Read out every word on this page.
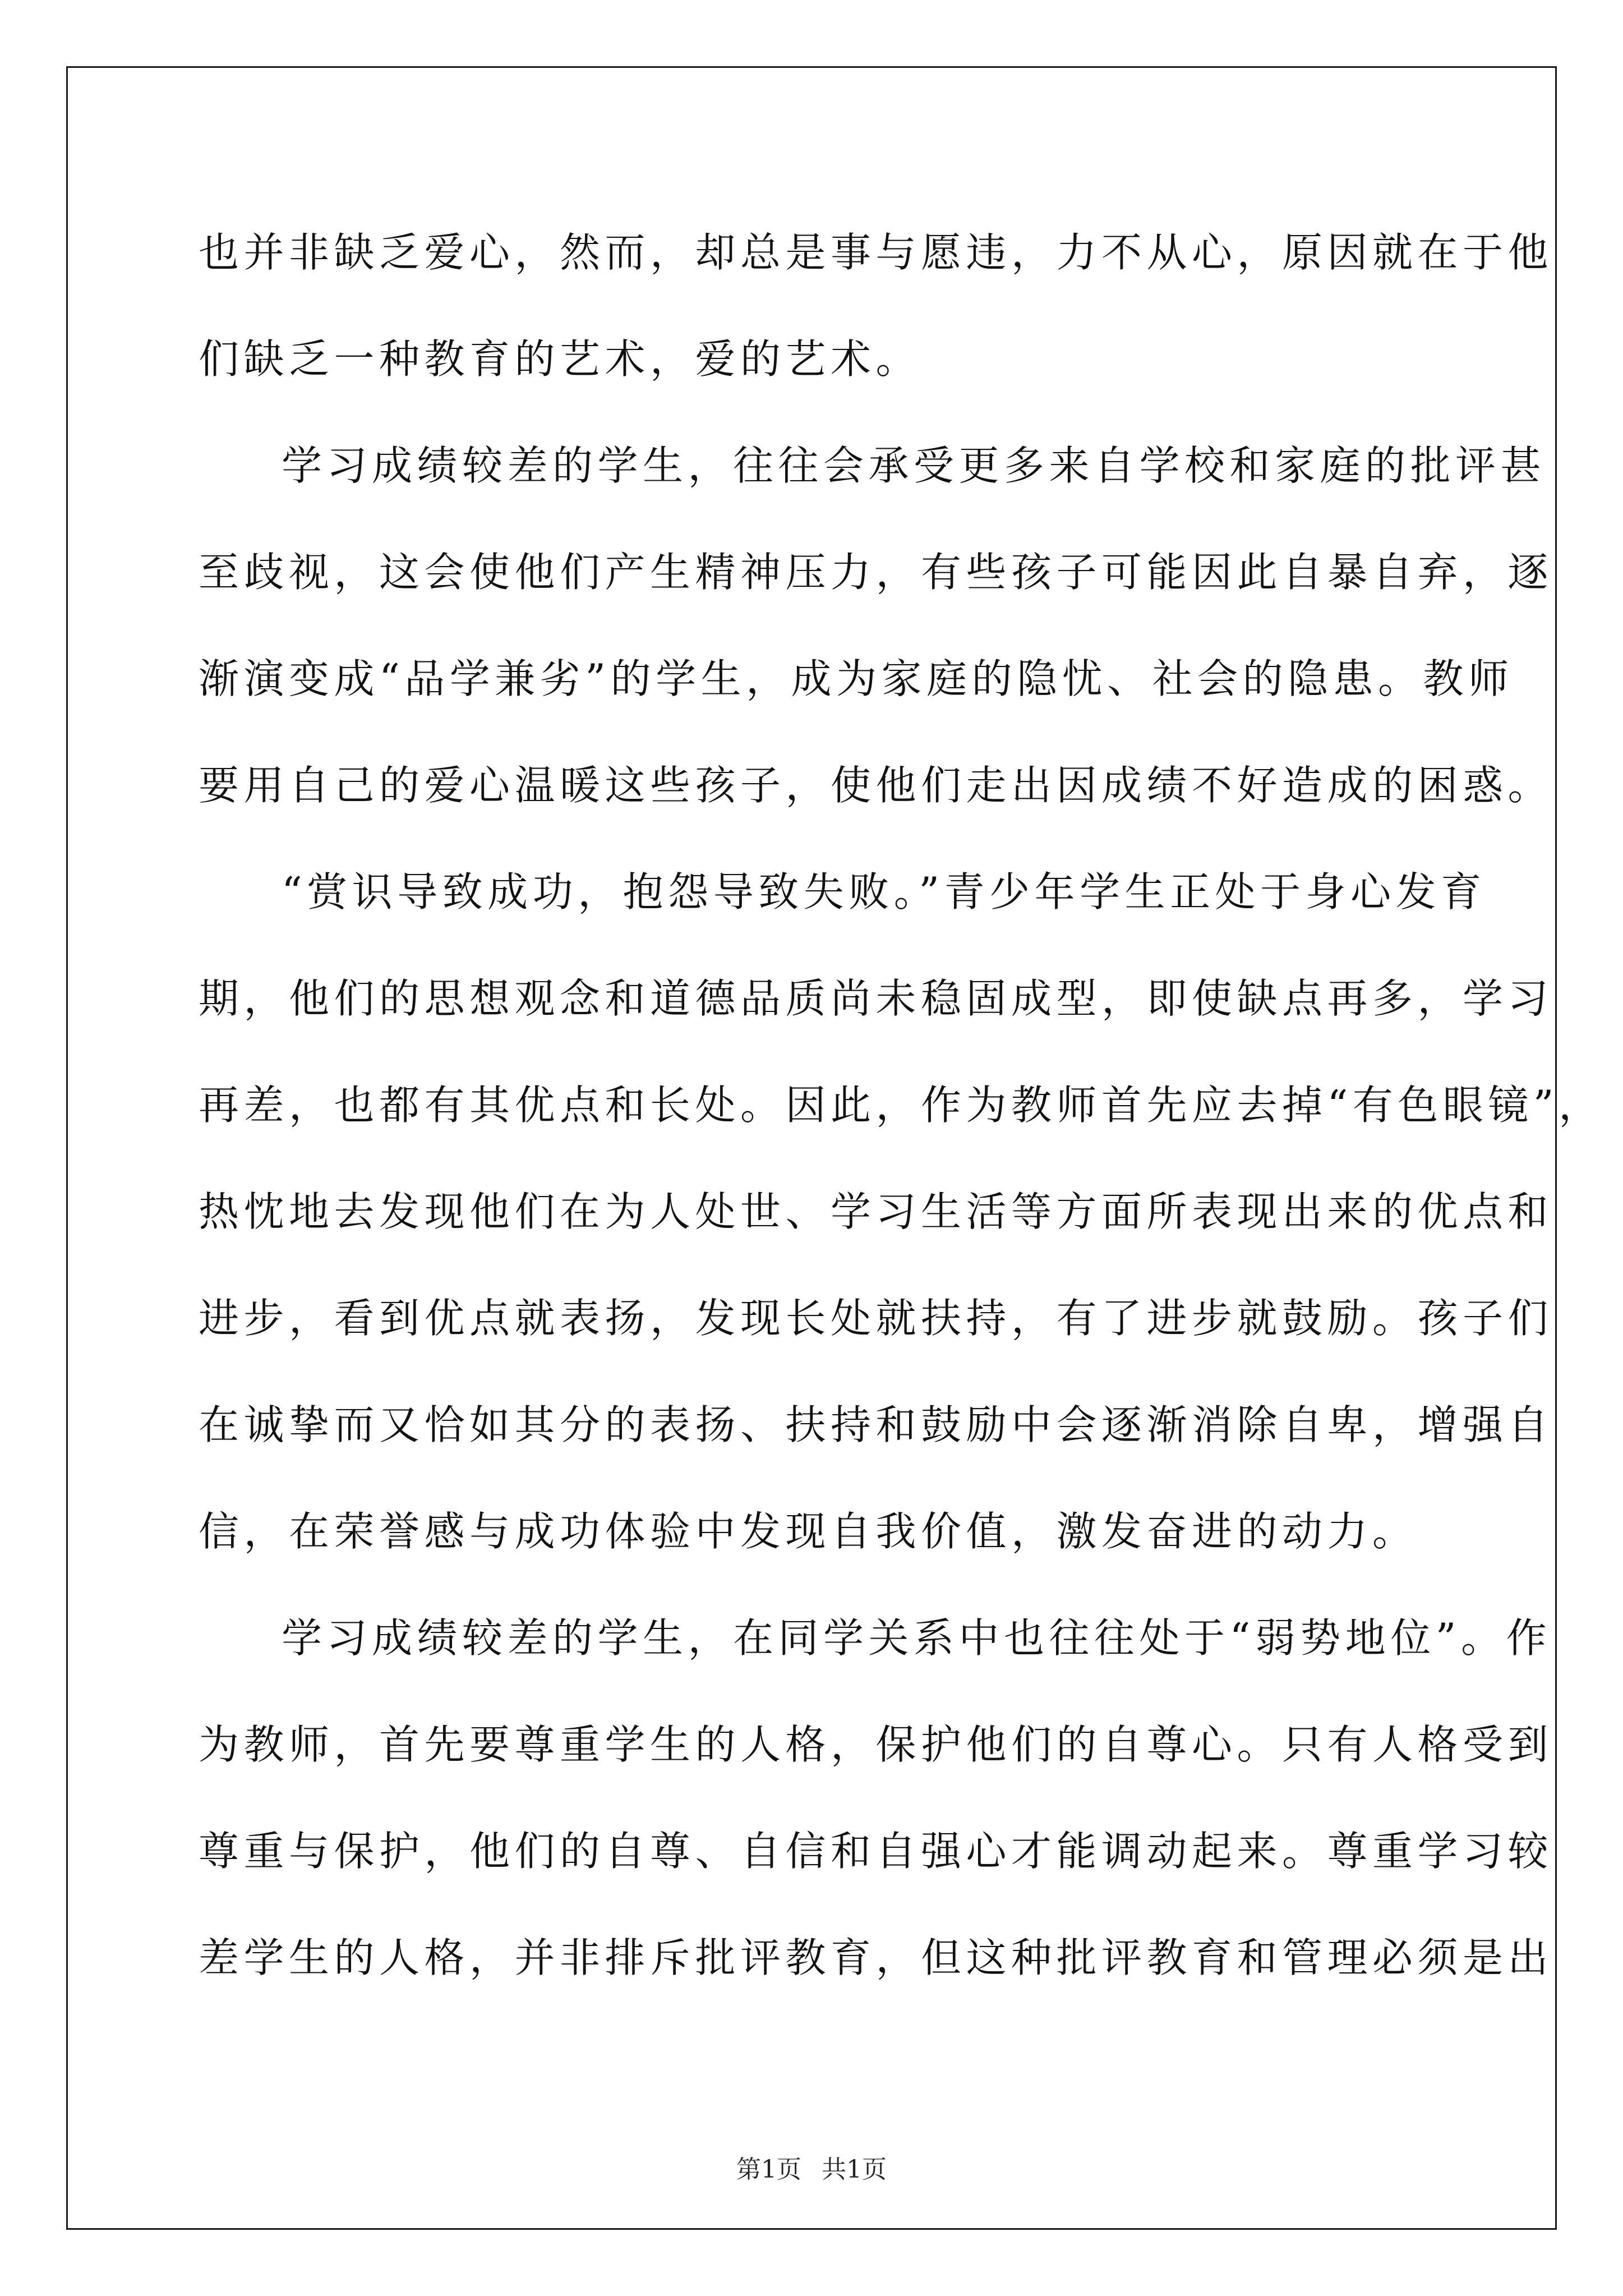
也并非缺乏爱心，然而，却总是事与愿违，力不从心，原因就在于他
们缺乏一种教育的艺术，爱的艺术。
学习成绩较差的学生，往往会承受更多来自学校和家庭的批评甚
至歧视，这会使他们产生精神压力，有些孩子可能因此自暴自弃，逐
渐演变成“品学兼劣”的学生，成为家庭的隐忧、社会的隐患。教师
要用自己的爱心温暖这些孩子，使他们走出因成绩不好造成的困惑。
“赏识导致成功，抱怨导致失败。”青少年学生正处于身心发育
期，他们的思想观念和道德品质尚未稳固成型，即使缺点再多，学习
再差，也都有其优点和长处。因此，作为教师首先应去掉“有色眼镜”，
热忱地去发现他们在为人处世、学习生活等方面所表现出来的优点和
进步，看到优点就表扬，发现长处就扶持，有了进步就鼓励。孩子们
在诚挚而又恰如其分的表扬、扶持和鼓励中会逐渐消除自卑，增强自
信，在荣誉感与成功体验中发现自我价值，激发奋进的动力。
学习成绩较差的学生，在同学关系中也往往处于“弱势地位”。作
为教师，首先要尊重学生的人格，保护他们的自尊心。只有人格受到
尊重与保护，他们的自尊、自信和自强心才能调动起来。尊重学习较
差学生的人格，并非排斥批评教育，但这种批评教育和管理必须是出
第1页 共1页
